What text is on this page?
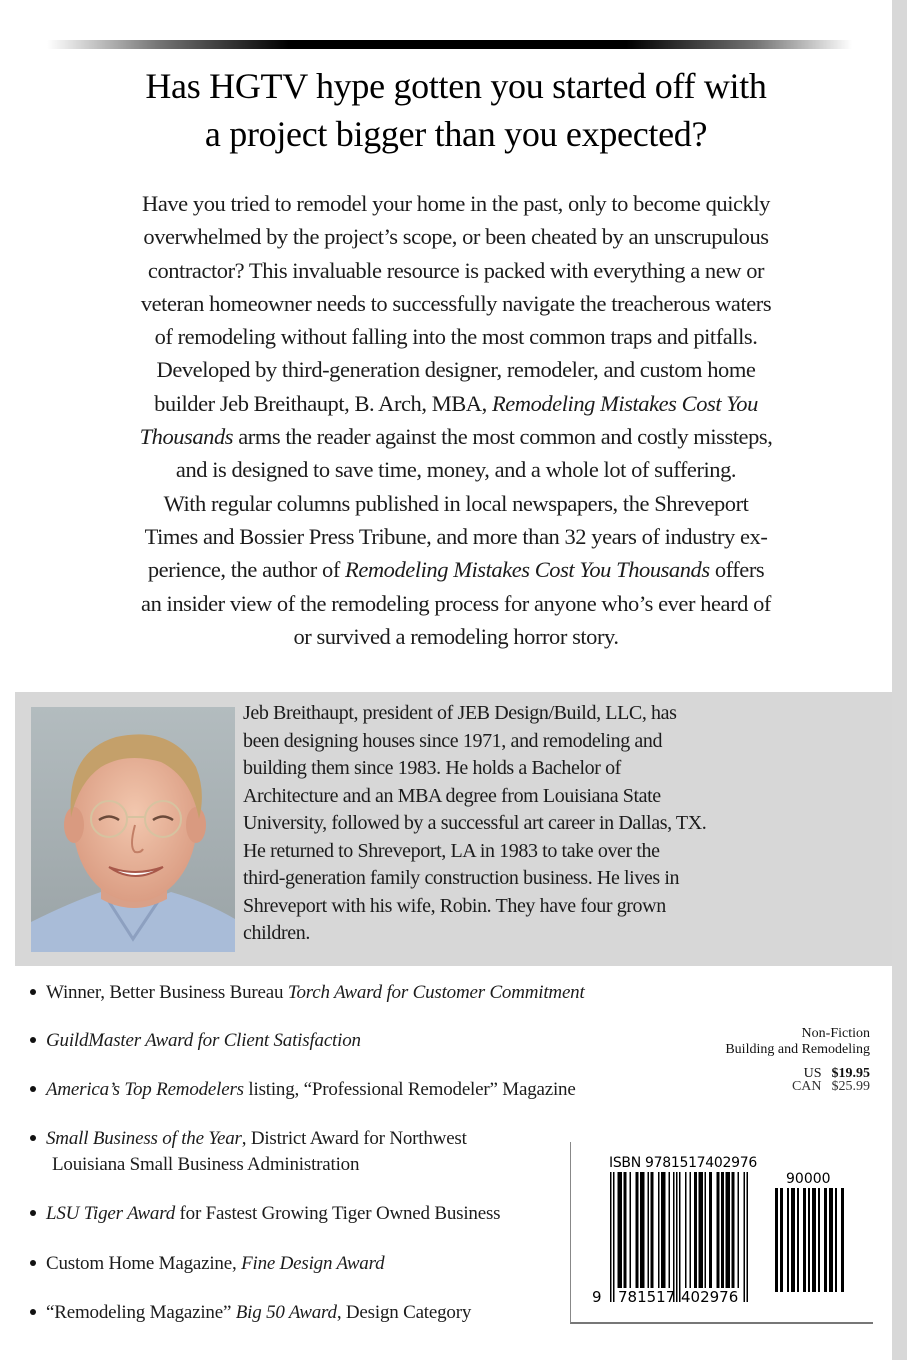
Has HGTV hype gotten you started off with
a project bigger than you expected?
Have you tried to remodel your home in the past, only to become quickly
overwhelmed by the project’s scope, or been cheated by an unscrupulous
contractor? This invaluable resource is packed with everything a new or
veteran homeowner needs to successfully navigate the treacherous waters
of remodeling without falling into the most common traps and pitfalls.
Developed by third-generation designer, remodeler, and custom home
builder Jeb Breithaupt, B. Arch, MBA, Remodeling Mistakes Cost You
Thousands arms the reader against the most common and costly missteps,
and is designed to save time, money, and a whole lot of suffering.
With regular columns published in local newspapers, the Shreveport
Times and Bossier Press Tribune, and more than 32 years of industry ex-
perience, the author of Remodeling Mistakes Cost You Thousands offers
an insider view of the remodeling process for anyone who’s ever heard of
or survived a remodeling horror story.
Jeb Breithaupt, president of JEB Design/Build, LLC, has
been designing houses since 1971, and remodeling and
building them since 1983. He holds a Bachelor of
Architecture and an MBA degree from Louisiana State
University, followed by a successful art career in Dallas, TX.
He returned to Shreveport, LA in 1983 to take over the
third-generation family construction business. He lives in
Shreveport with his wife, Robin. They have four grown
children.
Winner, Better Business Bureau Torch Award for Customer Commitment
GuildMaster Award for Client Satisfaction
America’s Top Remodelers listing, “Professional Remodeler” Magazine
Small Business of the Year, District Award for Northwest
Louisiana Small Business Administration
LSU Tiger Award for Fastest Growing Tiger Owned Business
Custom Home Magazine, Fine Design Award
“Remodeling Magazine” Big 50 Award, Design Category
Non-Fiction
Building and Remodeling
US $19.95
CAN $25.99
ISBN 9781517402976
90000
9 781517 402976
